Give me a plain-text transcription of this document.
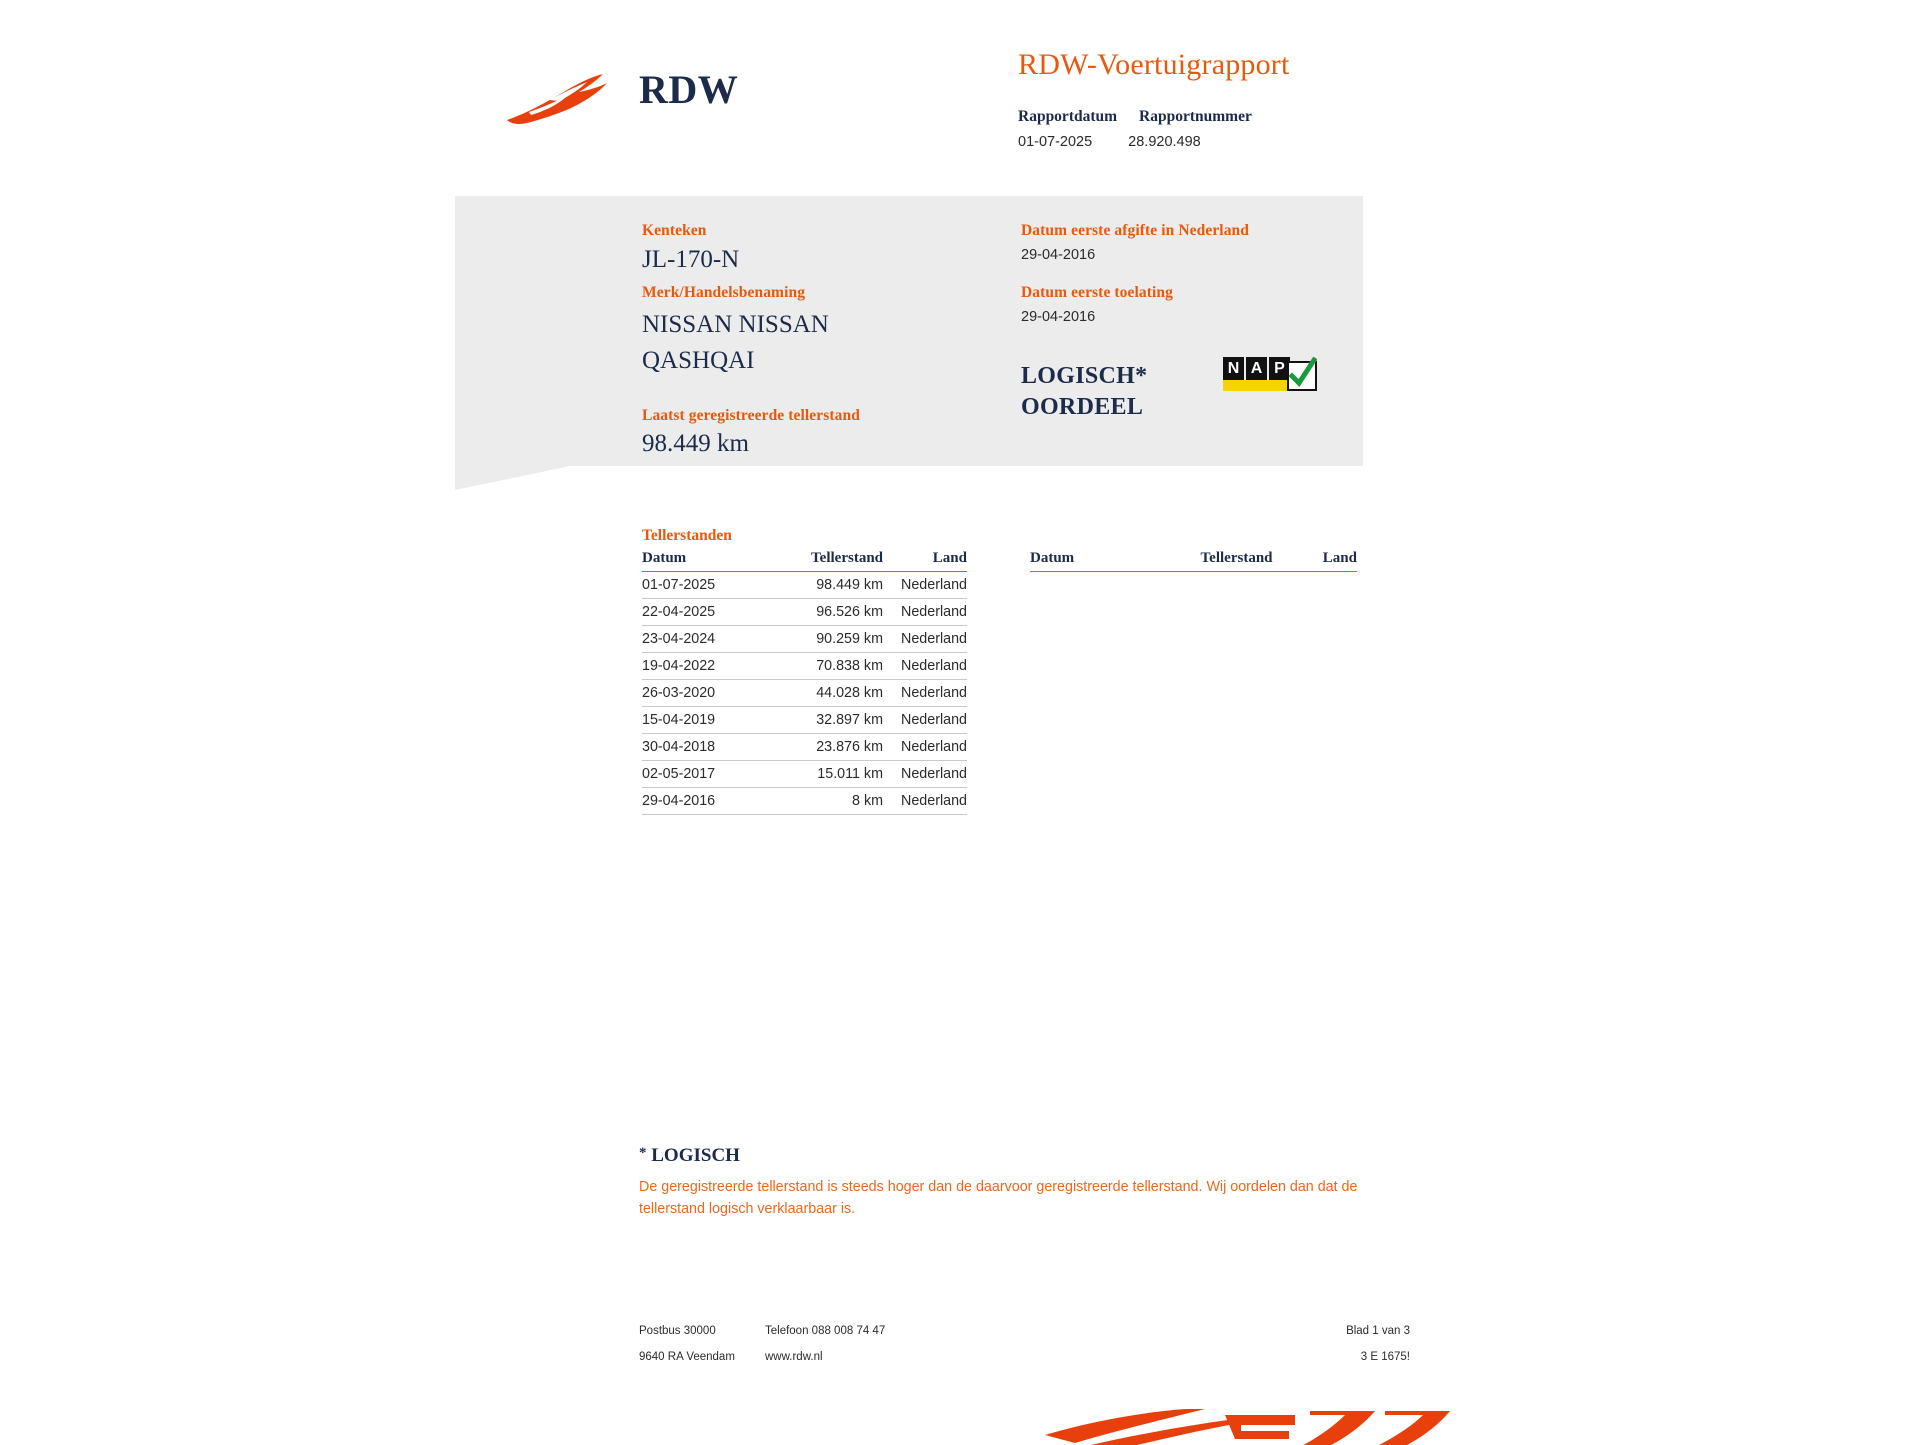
RDW
RDW-Voertuigrapport
Rapportdatum Rapportnummer
01-07-2025 28.920.498
Kenteken
JL-170-N
Merk/Handelsbenaming
NISSAN NISSAN QASHQAI
Laatst geregistreerde tellerstand
98.449 km
Datum eerste afgifte in Nederland
29-04-2016
Datum eerste toelating
29-04-2016
LOGISCH*
OORDEEL
N A P
Tellerstanden
Datum	Tellerstand	Land
01-07-2025	98.449 km	Nederland
22-04-2025	96.526 km	Nederland
23-04-2024	90.259 km	Nederland
19-04-2022	70.838 km	Nederland
26-03-2020	44.028 km	Nederland
15-04-2019	32.897 km	Nederland
30-04-2018	23.876 km	Nederland
02-05-2017	15.011 km	Nederland
29-04-2016	8 km	Nederland
Datum	Tellerstand	Land
* LOGISCH
De geregistreerde tellerstand is steeds hoger dan de daarvoor geregistreerde tellerstand. Wij oordelen dan dat de tellerstand logisch verklaarbaar is.
Postbus 30000	Telefoon 088 008 74 47
9640 RA Veendam	www.rdw.nl
Blad 1 van 3
3 E 1675!
